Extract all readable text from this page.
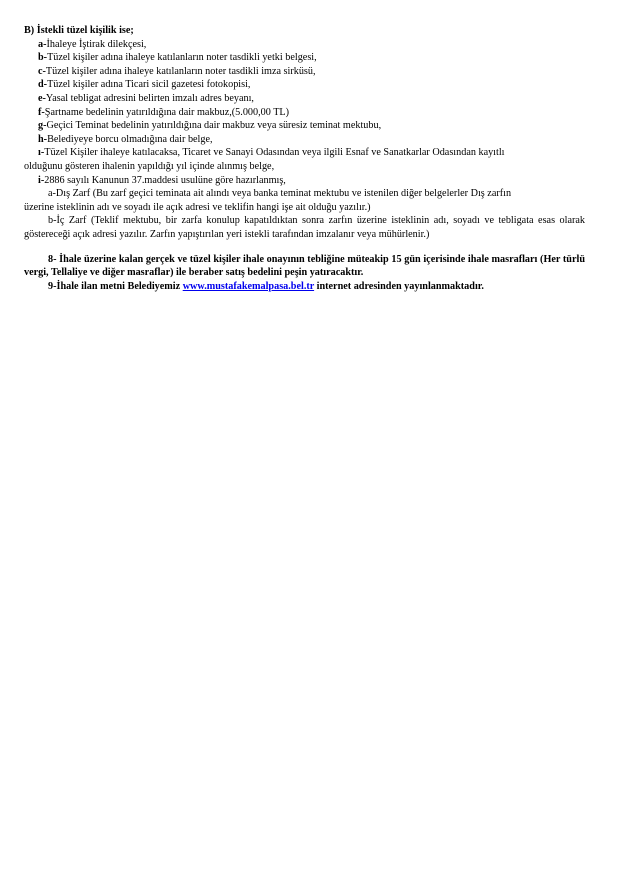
B) İstekli tüzel kişilik ise;
a-İhaleye İştirak dilekçesi,
b-Tüzel kişiler adına ihaleye katılanların noter tasdikli yetki belgesi,
c-Tüzel kişiler adına ihaleye katılanların noter tasdikli imza sirküsü,
d-Tüzel kişiler adına Ticari sicil gazetesi fotokopisi,
e-Yasal tebligat adresini belirten imzalı adres beyanı,
f-Şartname bedelinin yatırıldığına dair makbuz,(5.000,00 TL)
g-Geçici Teminat bedelinin yatırıldığına dair makbuz veya süresiz teminat mektubu,
h-Belediyeye borcu olmadığına dair belge,
ı-Tüzel Kişiler ihaleye katılacaksa, Ticaret ve Sanayi Odasından veya ilgili Esnaf ve Sanatkarlar Odasından kayıtlı
olduğunu gösteren ihalenin yapıldığı yıl içinde alınmış belge,
i-2886 sayılı Kanunun 37.maddesi usulüne göre hazırlanmış,
a-Dış Zarf (Bu zarf geçici teminata ait alındı veya banka teminat mektubu ve istenilen diğer belgelerler Dış zarfın
üzerine isteklinin adı ve soyadı ile açık adresi ve teklifin hangi işe ait olduğu yazılır.)
b-İç Zarf (Teklif mektubu, bir zarfa konulup kapatıldıktan sonra zarfın üzerine isteklinin adı, soyadı ve tebligata esas olarak göstereceği açık adresi yazılır. Zarfın yapıştırılan yeri istekli tarafından imzalanır veya mühürlenir.)
8- İhale üzerine kalan gerçek ve tüzel kişiler ihale onayının tebliğine müteakip 15 gün içerisinde ihale masrafları (Her türlü vergi, Tellaliye ve diğer masraflar) ile beraber satış bedelini peşin yatıracaktır.
9-İhale ilan metni Belediyemiz www.mustafakemalpasa.bel.tr internet adresinden yayınlanmaktadır.
